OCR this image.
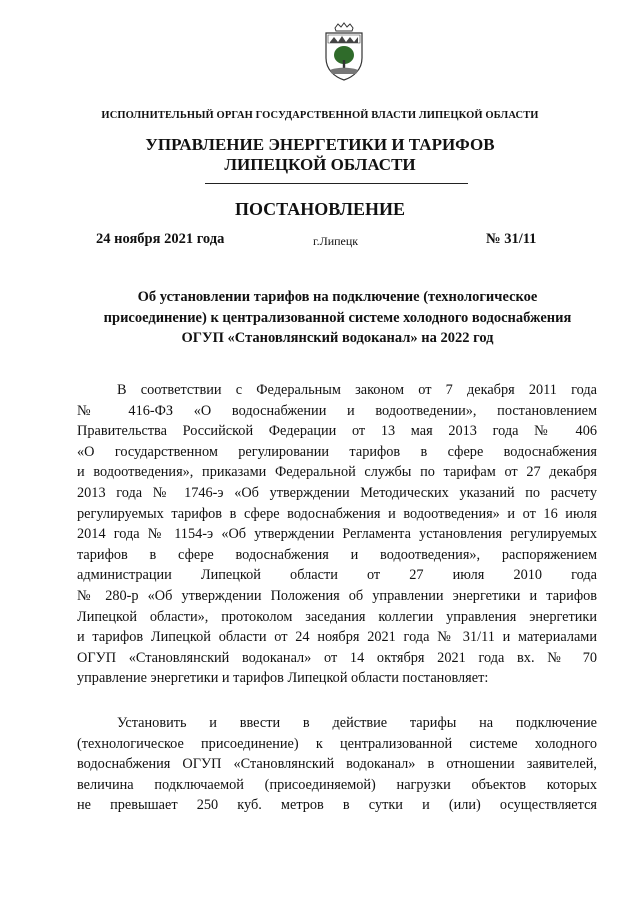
ИСПОЛНИТЕЛЬНЫЙ ОРГАН ГОСУДАРСТВЕННОЙ ВЛАСТИ ЛИПЕЦКОЙ ОБЛАСТИ
УПРАВЛЕНИЕ ЭНЕРГЕТИКИ И ТАРИФОВ
ЛИПЕЦКОЙ ОБЛАСТИ
ПОСТАНОВЛЕНИЕ
24 ноября 2021 года	г.Липецк	№ 31/11
Об установлении тарифов на подключение (технологическое
присоединение) к централизованной системе холодного водоснабжения
ОГУП «Становлянский водоканал» на 2022 год
В соответствии с Федеральным законом от 7 декабря 2011 года
№ 416-ФЗ «О водоснабжении и водоотведении», постановлением
Правительства Российской Федерации от 13 мая 2013 года № 406
«О государственном регулировании тарифов в сфере водоснабжения
и водоотведения», приказами Федеральной службы по тарифам от 27 декабря
2013 года № 1746-э «Об утверждении Методических указаний по расчету
регулируемых тарифов в сфере водоснабжения и водоотведения» и от 16 июля
2014 года № 1154-э «Об утверждении Регламента установления регулируемых
тарифов в сфере водоснабжения и водоотведения», распоряжением
администрации Липецкой области от 27 июля 2010 года
№ 280-р «Об утверждении Положения об управлении энергетики и тарифов
Липецкой области», протоколом заседания коллегии управления энергетики
и тарифов Липецкой области от 24 ноября 2021 года № 31/11 и материалами
ОГУП «Становлянский водоканал» от 14 октября 2021 года вх. № 70
управление энергетики и тарифов Липецкой области постановляет:
Установить и ввести в действие тарифы на подключение
(технологическое присоединение) к централизованной системе холодного
водоснабжения ОГУП «Становлянский водоканал» в отношении заявителей,
величина подключаемой (присоединяемой) нагрузки объектов которых
не превышает 250 куб. метров в сутки и (или) осуществляется
